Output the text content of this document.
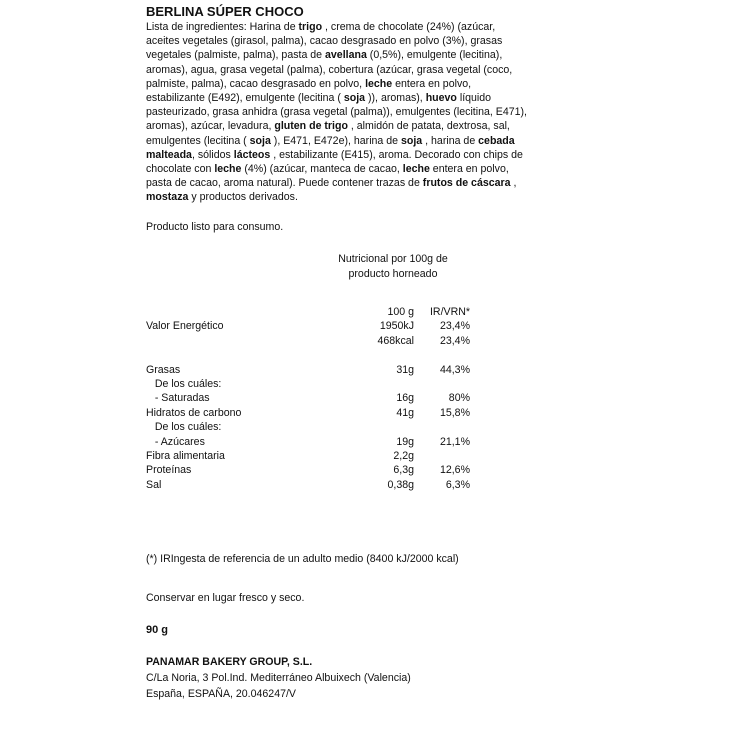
BERLINA SÚPER CHOCO
Lista de ingredientes: Harina de trigo , crema de chocolate (24%) (azúcar,
aceites vegetales (girasol, palma), cacao desgrasado en polvo (3%), grasas
vegetales (palmiste, palma), pasta de avellana (0,5%), emulgente (lecitina),
aromas), agua, grasa vegetal (palma), cobertura (azúcar, grasa vegetal (coco,
palmiste, palma), cacao desgrasado en polvo, leche entera en polvo,
estabilizante (E492), emulgente (lecitina ( soja )), aromas), huevo líquido
pasteurizado, grasa anhidra (grasa vegetal (palma)), emulgentes (lecitina, E471),
aromas), azúcar, levadura, gluten de trigo , almidón de patata, dextrosa, sal,
emulgentes (lecitina ( soja ), E471, E472e), harina de soja , harina de cebada
malteada, sólidos lácteos , estabilizante (E415), aroma. Decorado con chips de
chocolate con leche (4%) (azúcar, manteca de cacao, leche entera en polvo,
pasta de cacao, aroma natural). Puede contener trazas de frutos de cáscara ,
mostaza y productos derivados.
Producto listo para consumo.
Nutricional por 100g de
producto horneado
100 g IR/VRN*
Valor Energético	1950kJ 23,4%
468kcal 23,4%
Grasas	31g 44,3%
De los cuáles:
- Saturadas	16g	80%
Hidratos de carbono	41g 15,8%
De los cuáles:
- Azúcares	19g 21,1%
Fibra alimentaria	2,2g
Proteínas	6,3g 12,6%
Sal	0,38g	6,3%
(*) IRIngesta de referencia de un adulto medio (8400 kJ/2000 kcal)
Conservar en lugar fresco y seco.
90 g
PANAMAR BAKERY GROUP, S.L.
C/La Noria, 3 Pol.Ind. Mediterráneo Albuixech (Valencia)
España, ESPAÑA, 20.046247/V
